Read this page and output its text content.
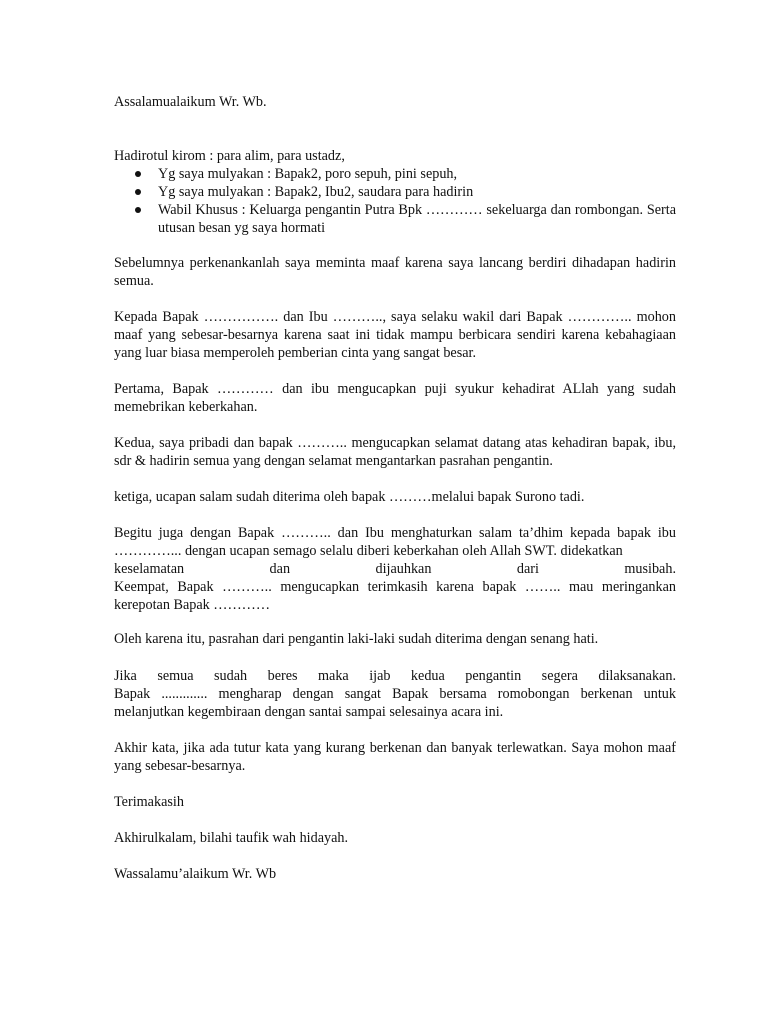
Assalamualaikum Wr. Wb.
Hadirotul kirom : para alim, para ustadz,
Yg saya mulyakan : Bapak2, poro sepuh, pini sepuh,
Yg saya mulyakan : Bapak2, Ibu2, saudara para hadirin
Wabil Khusus : Keluarga pengantin Putra Bpk ………… sekeluarga dan rombongan. Serta utusan besan yg saya hormati
Sebelumnya perkenankanlah saya meminta maaf karena saya lancang berdiri dihadapan hadirin semua.
Kepada Bapak ……………. dan Ibu ……….., saya selaku wakil dari Bapak ………….. mohon maaf yang sebesar-besarnya karena saat ini tidak mampu berbicara sendiri karena kebahagiaan yang luar biasa memperoleh pemberian cinta yang sangat besar.
Pertama, Bapak ………… dan ibu mengucapkan puji syukur kehadirat ALlah yang sudah memebrikan keberkahan.
Kedua, saya pribadi dan bapak ……….. mengucapkan selamat datang atas kehadiran bapak, ibu, sdr & hadirin semua yang dengan selamat mengantarkan pasrahan pengantin.
ketiga, ucapan salam sudah diterima oleh bapak ………melalui bapak Surono tadi.
Begitu juga dengan Bapak ……….. dan Ibu menghaturkan salam ta’dhim kepada bapak ibu …………... dengan ucapan semago selalu diberi keberkahan oleh Allah SWT. didekatkan
keselamatan dan dijauhkan dari musibah.
Keempat, Bapak ……….. mengucapkan terimkasih karena bapak …….. mau meringankan kerepotan Bapak …………
Oleh karena itu, pasrahan dari pengantin laki-laki sudah diterima dengan senang hati.
Jika semua sudah beres maka ijab kedua pengantin segera dilaksanakan.
Bapak ............. mengharap dengan sangat Bapak bersama romobongan berkenan untuk melanjutkan kegembiraan dengan santai sampai selesainya acara ini.
Akhir kata, jika ada tutur kata yang kurang berkenan dan banyak terlewatkan. Saya mohon maaf yang sebesar-besarnya.
Terimakasih
Akhirulkalam, bilahi taufik wah hidayah.
Wassalamu’alaikum Wr. Wb
